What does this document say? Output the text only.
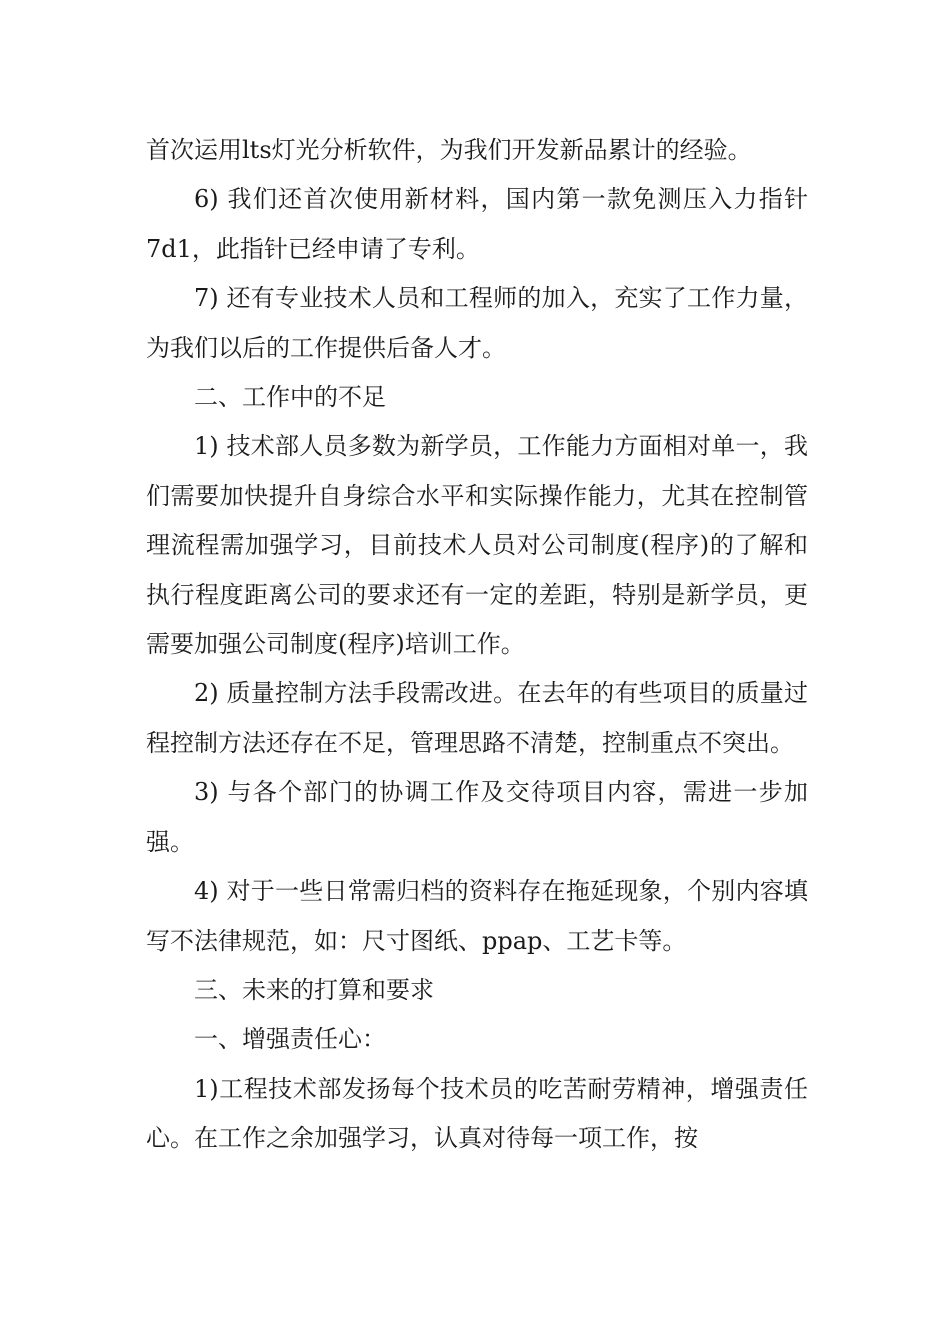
首次运用lts灯光分析软件，为我们开发新品累计的经验。

6) 我们还首次使用新材料，国内第一款免测压入力指针7d1，此指针已经申请了专利。

7) 还有专业技术人员和工程师的加入，充实了工作力量，为我们以后的工作提供后备人才。

二、工作中的不足

1) 技术部人员多数为新学员，工作能力方面相对单一，我们需要加快提升自身综合水平和实际操作能力，尤其在控制管理流程需加强学习，目前技术人员对公司制度(程序)的了解和执行程度距离公司的要求还有一定的差距，特别是新学员，更需要加强公司制度(程序)培训工作。

2) 质量控制方法手段需改进。在去年的有些项目的质量过程控制方法还存在不足，管理思路不清楚，控制重点不突出。

3) 与各个部门的协调工作及交待项目内容，需进一步加强。

4) 对于一些日常需归档的资料存在拖延现象，个别内容填写不法律规范，如：尺寸图纸、ppap、工艺卡等。

三、未来的打算和要求

一、增强责任心：

1)工程技术部发扬每个技术员的吃苦耐劳精神，增强责任心。在工作之余加强学习，认真对待每一项工作，按
